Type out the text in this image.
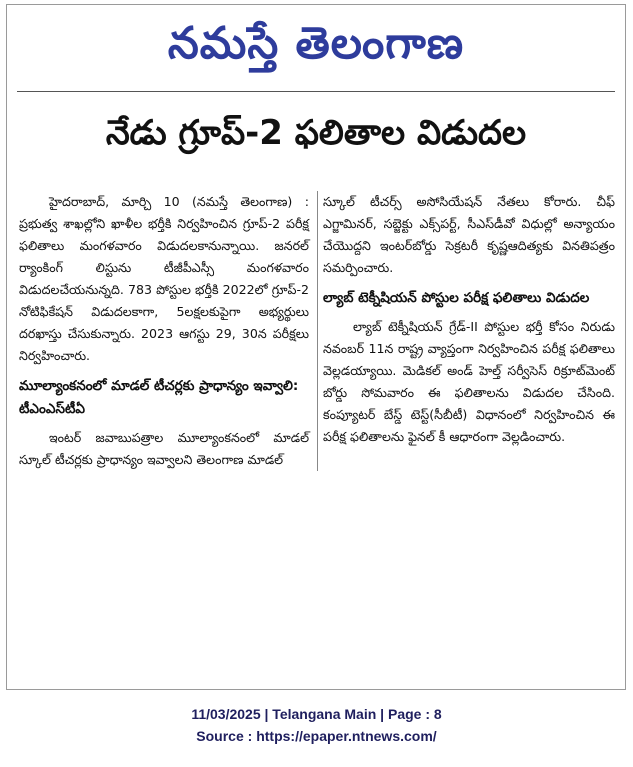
నమస్తే తెలంగాణ
నేడు గ్రూప్‌-2 ఫలితాల విడుదల

హైదరాబాద్‌, మార్చి 10 (నమస్తే తెలంగాణ) : ప్రభుత్వ శాఖల్లోని ఖాళీల భర్తీకి నిర్వహించిన గ్రూప్‌-2 పరీక్ష ఫలితాలు మంగళవారం విడుదలకానున్నాయి. జనరల్‌ ర్యాంకింగ్‌ లిస్టును టీజీపీఎస్సీ మంగళవారం విడుదలచేయనున్నది. 783 పోస్టుల భర్తీకి 2022లో గ్రూప్‌-2 నోటిఫికేషన్‌ విడుదలకాగా, 5లక్షలకుపైగా అభ్యర్థులు దరఖాస్తు చేసుకున్నారు. 2023 ఆగస్టు 29, 30న పరీక్షలు నిర్వహించారు.

మూల్యాంకనంలో మాడల్‌ టీచర్లకు ప్రాధాన్యం ఇవ్వాలి: టీఎంఎస్‌టీఏ

ఇంటర్‌ జవాబుపత్రాల మూల్యాంకనంలో మాడల్‌ స్కూల్‌ టీచర్లకు ప్రాధాన్యం ఇవ్వాలని తెలంగాణ మాడల్‌

స్కూల్‌ టీచర్స్‌ అసోసియేషన్‌ నేతలు కోరారు. చీఫ్‌ ఎగ్జామినర్‌, సబ్జెక్టు ఎక్స్‌పర్ట్‌, సీఎస్‌డీవో విధుల్లో అన్యాయం చేయొద్దని ఇంటర్‌బోర్డు సెక్రటరీ కృష్ణఆదిత్యకు వినతిపత్రం సమర్పించారు.

ల్యాబ్‌ టెక్నీషియన్‌ పోస్టుల పరీక్ష ఫలితాలు విడుదల

ల్యాబ్‌ టెక్నీషియన్‌ గ్రేడ్‌-II పోస్టుల భర్తీ కోసం నిరుడు నవంబర్‌ 11న రాష్ట్ర వ్యాప్తంగా నిర్వహించిన పరీక్ష ఫలితాలు వెల్లడయ్యాయి. మెడికల్‌ అండ్‌ హెల్త్‌ సర్వీసెస్‌ రిక్రూట్‌మెంట్‌ బోర్డు సోమవారం ఈ ఫలితాలను విడుదల చేసింది. కంప్యూటర్‌ బేస్డ్‌ టెస్ట్‌(సీబీటీ) విధానంలో నిర్వహించిన ఈ పరీక్ష ఫలితాలను ఫైనల్‌ కీ ఆధారంగా వెల్లడించారు.

11/03/2025 | Telangana Main | Page : 8
Source : https://epaper.ntnews.com/
